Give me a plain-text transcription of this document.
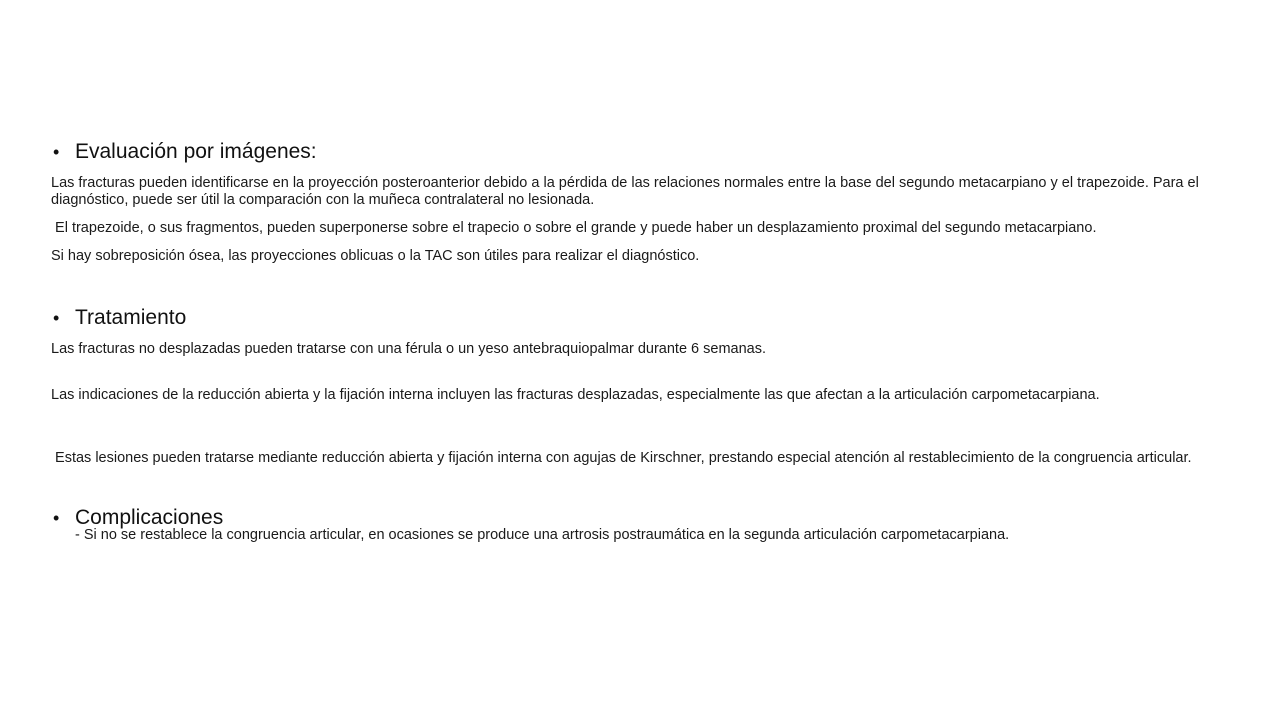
• Evaluación por imágenes:

Las fracturas pueden identificarse en la proyección posteroanterior debido a la pérdida de las relaciones normales entre la base del segundo metacarpiano y el trapezoide. Para el diagnóstico, puede ser útil la comparación con la muñeca contralateral no lesionada.

El trapezoide, o sus fragmentos, pueden superponerse sobre el trapecio o sobre el grande y puede haber un desplazamiento proximal del segundo metacarpiano.

Si hay sobreposición ósea, las proyecciones oblicuas o la TAC son útiles para realizar el diagnóstico.

• Tratamiento

Las fracturas no desplazadas pueden tratarse con una férula o un yeso antebraquiopalmar durante 6 semanas.

Las indicaciones de la reducción abierta y la fijación interna incluyen las fracturas desplazadas, especialmente las que afectan a la articulación carpometacarpiana.

Estas lesiones pueden tratarse mediante reducción abierta y fijación interna con agujas de Kirschner, prestando especial atención al restablecimiento de la congruencia articular.

• Complicaciones

- Si no se restablece la congruencia articular, en ocasiones se produce una artrosis postraumática en la segunda articulación carpometacarpiana.
